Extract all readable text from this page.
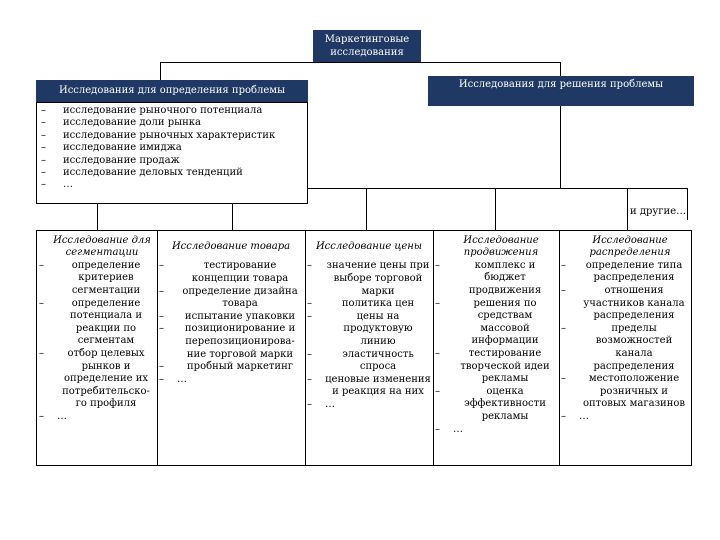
Маркетинговые исследования
Исследования для определения проблемы
– исследование рыночного потенциала
– исследование доли рынка
– исследование рыночных характеристик
– исследование имиджа
– исследование продаж
– исследование деловых тенденций
– …
Исследования для решения проблемы
и другие…
Исследование для сегментации
–	определение критериев сегментации
–	определение потенциала и реакции по сегментам
–	отбор целевых рынков и определение их потребительско-го профиля
– …
Исследование товара
–	тестирование концепции товара
–	определение дизайна товара
–	испытание упаковки
–	позиционирование и перепозиционирова-ние торговой марки
–	пробный маркетинг
– …
Исследование цены
– значение цены при выборе торговой марки
–	политика цен
–	цены на продуктовую линию
–	эластичность спроса
– ценовые изменения и реакция на них
– …
Исследование продвижения
–	комплекс и бюджет продвижения
–	решения по средствам массовой информации
–	тестирование творческой идеи рекламы
–	оценка эффективности рекламы
– …
Исследование распределения
–	определение типа распределения
–	отношения участников канала распределения
–	пределы возможностей канала распределения
–	местоположение розничных и оптовых магазинов
– …
